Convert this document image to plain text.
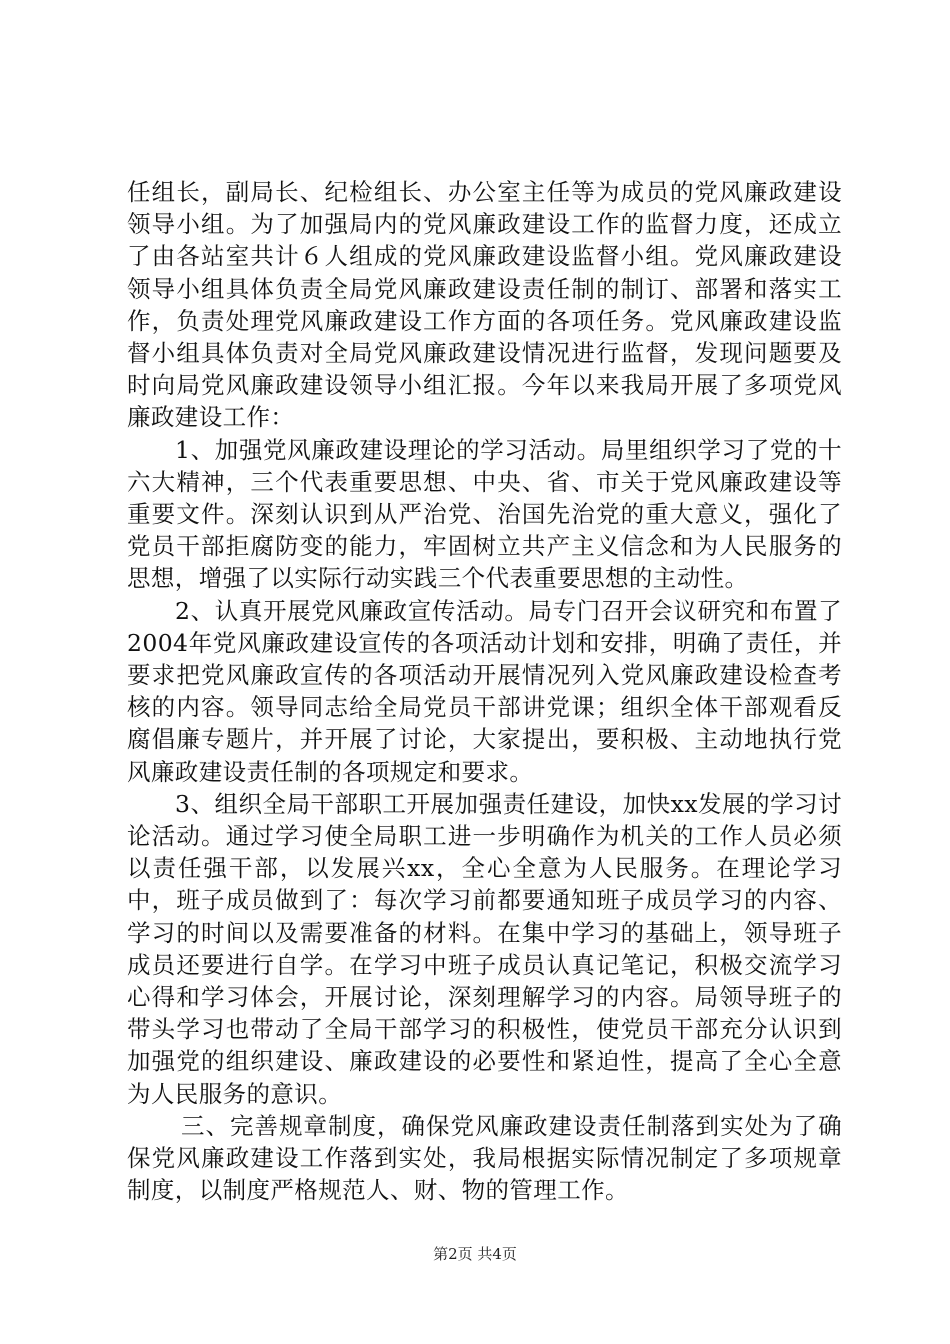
任组长，副局长、纪检组长、办公室主任等为成员的党风廉政建设领导小组。为了加强局内的党风廉政建设工作的监督力度，还成立了由各站室共计６人组成的党风廉政建设监督小组。党风廉政建设领导小组具体负责全局党风廉政建设责任制的制订、部署和落实工作，负责处理党风廉政建设工作方面的各项任务。党风廉政建设监督小组具体负责对全局党风廉政建设情况进行监督，发现问题要及时向局党风廉政建设领导小组汇报。今年以来我局开展了多项党风廉政建设工作：

1、加强党风廉政建设理论的学习活动。局里组织学习了党的十六大精神，三个代表重要思想、中央、省、市关于党风廉政建设等重要文件。深刻认识到从严治党、治国先治党的重大意义，强化了党员干部拒腐防变的能力，牢固树立共产主义信念和为人民服务的思想，增强了以实际行动实践三个代表重要思想的主动性。

2、认真开展党风廉政宣传活动。局专门召开会议研究和布置了2004年党风廉政建设宣传的各项活动计划和安排，明确了责任，并要求把党风廉政宣传的各项活动开展情况列入党风廉政建设检查考核的内容。领导同志给全局党员干部讲党课；组织全体干部观看反腐倡廉专题片，并开展了讨论，大家提出，要积极、主动地执行党风廉政建设责任制的各项规定和要求。

3、组织全局干部职工开展加强责任建设，加快xx发展的学习讨论活动。通过学习使全局职工进一步明确作为机关的工作人员必须以责任强干部，以发展兴xx，全心全意为人民服务。在理论学习中，班子成员做到了：每次学习前都要通知班子成员学习的内容、学习的时间以及需要准备的材料。在集中学习的基础上，领导班子成员还要进行自学。在学习中班子成员认真记笔记，积极交流学习心得和学习体会，开展讨论，深刻理解学习的内容。局领导班子的带头学习也带动了全局干部学习的积极性，使党员干部充分认识到加强党的组织建设、廉政建设的必要性和紧迫性，提高了全心全意为人民服务的意识。

三、完善规章制度，确保党风廉政建设责任制落到实处为了确保党风廉政建设工作落到实处，我局根据实际情况制定了多项规章制度，以制度严格规范人、财、物的管理工作。

第2页 共4页
